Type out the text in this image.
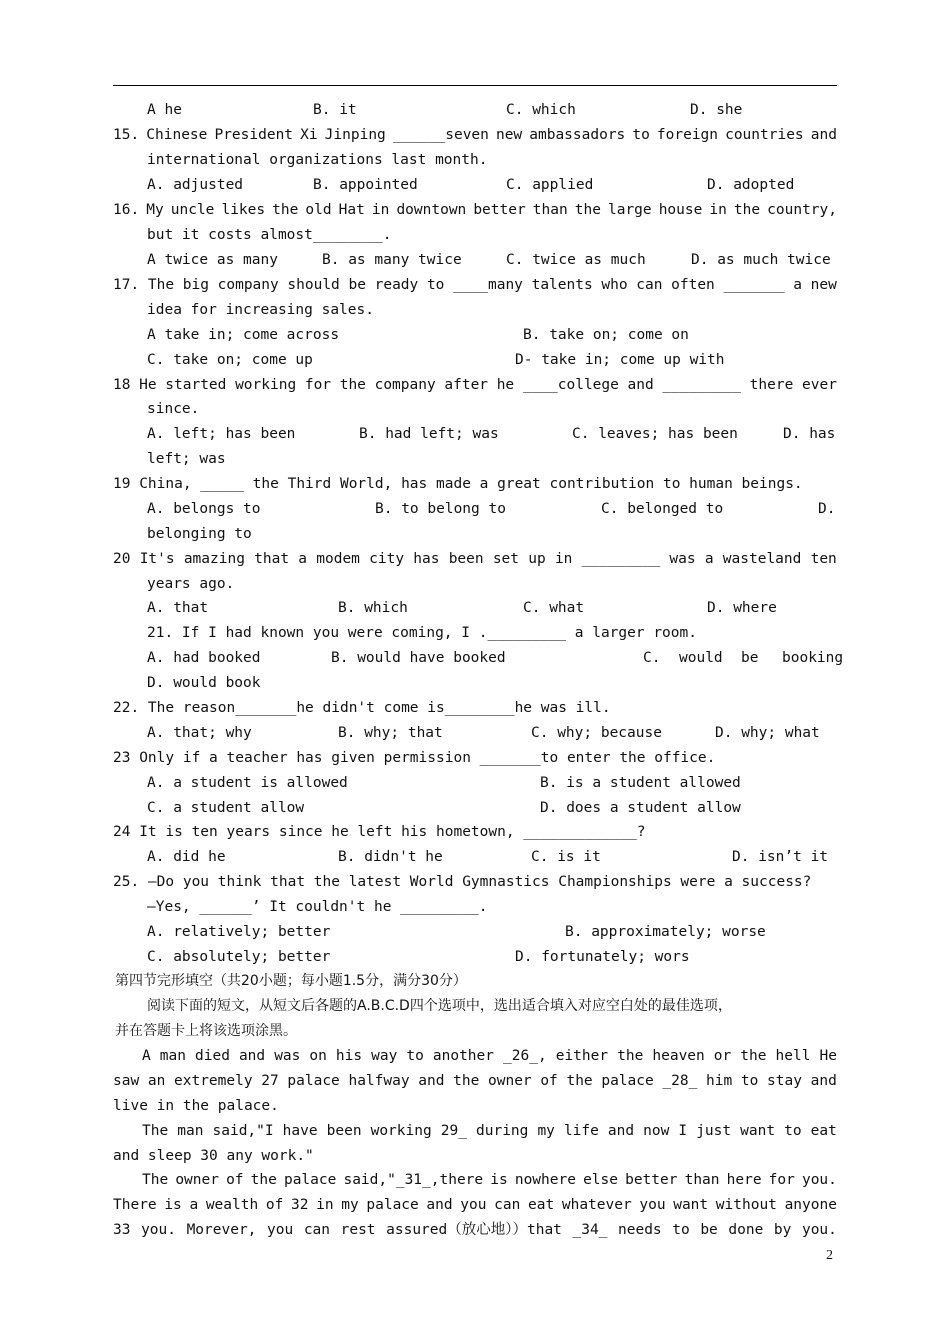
A he	B. it	C. which	D. she
15. Chinese President Xi Jinping ______seven new ambassadors to foreign countries and
international organizations last month.
A. adjusted	B. appointed	C. applied	D. adopted
16. My uncle likes the old Hat in downtown better than the large house in the country,
but it costs almost________.
A twice as many	B. as many twice	C. twice as much	D. as much twice
17. The big company should be ready to ____many talents who can often _______ a new
idea for increasing sales.
A take in; come across	B. take on; come on
C. take on; come up	D- take in; come up with
18 He started working for the company after he ____college and _________ there ever
since.
A. left; has been	B. had left; was	C. leaves; has been	D. has
left; was
19 China, _____ the Third World, has made a great contribution to human beings.
A. belongs to	B. to belong to	C. belonged to	D.
belonging to
20 It's amazing that a modem city has been set up in _________ was a wasteland ten
years ago.
A. that	B. which	C. what	D. where
21. If I had known you were coming, I ._________ a larger room.
A. had booked	B. would have booked	C. would be booking
D. would book
22. The reason_______he didn't come is________he was ill.
A. that; why	B. why; that	C. why; because	D. why; what
23 Only if a teacher has given permission _______to enter the office.
A. a student is allowed	B. is a student allowed
C. a student allow	D. does a student allow
24 It is ten years since he left his hometown, _____________?
A. did he	B. didn't he	C. is it	D. isn’t it
25. —Do you think that the latest World Gymnastics Championships were a success?
—Yes, ______’ It couldn't he _________.
A. relatively; better	B. approximately; worse
C. absolutely; better	D. fortunately; wors
第四节完形填空（共20小题；每小题1.5分，满分30分）
阅读下面的短文，从短文后各题的A.B.C.D四个选项中，选出适合填入对应空白处的最佳选项，
并在答题卡上将该选项涂黑。
A man died and was on his way to another _26_, either the heaven or the hell He
saw an extremely 27 palace halfway and the owner of the palace _28_ him to stay and
live in the palace.
The man said,"I have been working 29_ during my life and now I just want to eat
and sleep 30 any work."
The owner of the palace said,"_31_,there is nowhere else better than here for you.
There is a wealth of 32 in my palace and you can eat whatever you want without anyone
33 you. Morever, you can rest assured（放心地））that _34_ needs to be done by you.
2
